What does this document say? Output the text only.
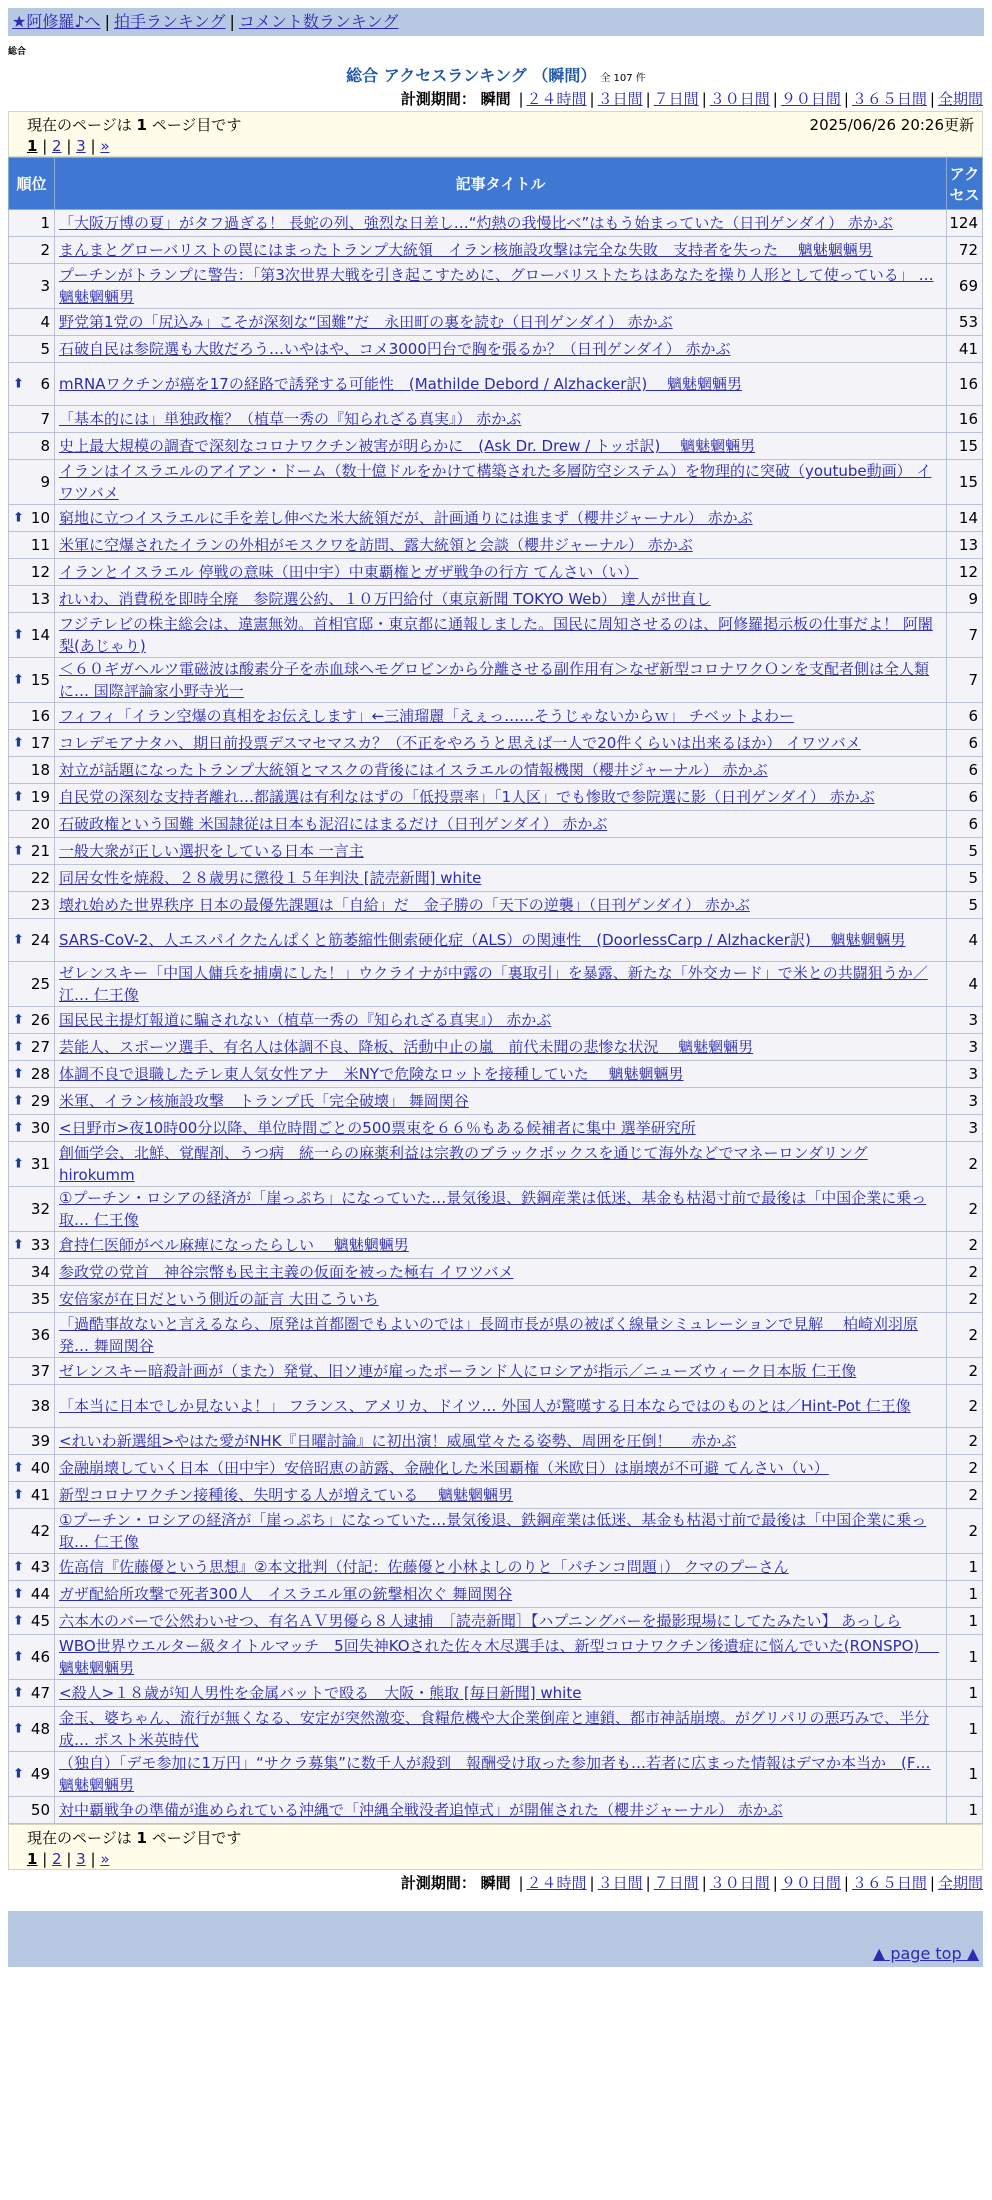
★阿修羅♪へ | 拍手ランキング | コメント数ランキング
総合
総合 アクセスランキング （瞬間） 全 107 件
計測期間： 瞬間 | ２４時間 | ３日間 | ７日間 | ３０日間 | ９０日間 | ３６５日間 | 全期間
現在のページは 1 ページ目です	2025/06/26 20:26更新
1 | 2 | 3 | »
順位	記事タイトル	アクセス
1	「大阪万博の夏」がタフ過ぎる！ 長蛇の列、強烈な日差し…“灼熱の我慢比べ”はもう始まっていた（日刊ゲンダイ） 赤かぶ	124
2	まんまとグローバリストの罠にはまったトランプ大統領　イラン核施設攻撃は完全な失敗　支持者を失った　 魑魅魍魎男	72
3	プーチンがトランプに警告：「第3次世界大戦を引き起こすために、グローバリストたちはあなたを操り人形として使っている」 … 魑魅魍魎男	69
4	野党第1党の「尻込み」こそが深刻な“国難”だ　永田町の裏を読む（日刊ゲンダイ） 赤かぶ	53
5	石破自民は参院選も大敗だろう…いやはや、コメ3000円台で胸を張るか？（日刊ゲンダイ） 赤かぶ	41

⬆ 6	mRNAワクチンが癌を17の経路で誘発する可能性　(Mathilde Debord / Alzhacker訳)　 魑魅魍魎男	16
7	「基本的には」単独政権？（植草一秀の『知られざる真実』） 赤かぶ	16
8	史上最大規模の調査で深刻なコロナワクチン被害が明らかに　(Ask Dr. Drew / トッポ訳)　 魑魅魍魎男	15
9	イランはイスラエルのアイアン・ドーム（数十億ドルをかけて構築された多層防空システム）を物理的に突破（youtube動画） イワツバメ	15

⬆ 10	窮地に立つイスラエルに手を差し伸べた米大統領だが、計画通りには進まず（櫻井ジャーナル） 赤かぶ	14
11	米軍に空爆されたイランの外相がモスクワを訪問、露大統領と会談（櫻井ジャーナル） 赤かぶ	13
12	イランとイスラエル 停戦の意味（田中宇）中東覇権とガザ戦争の行方 てんさい（い）	12
13	れいわ、消費税を即時全廃　参院選公約、１０万円給付（東京新聞 TOKYO Web） 達人が世直し	9

⬆ 14	フジテレビの株主総会は、違憲無効。首相官邸・東京都に通報しました。国民に周知させるのは、阿修羅掲示板の仕事だよ！ 阿闍梨(あじゃり)	7

⬆ 15	＜６０ギガヘルツ電磁波は酸素分子を赤血球ヘモグロビンから分離させる副作用有＞なぜ新型コロナワクＯンを支配者側は全人類に… 国際評論家小野寺光一	7
16	フィフィ「イラン空爆の真相をお伝えします」←三浦瑠麗「えぇっ……そうじゃないからｗ」 チベットよわー	6

⬆ 17	コレデモアナタハ、期日前投票デスマセマスカ？（不正をやろうと思えば一人で20件くらいは出来るほか） イワツバメ	6
18	対立が話題になったトランプ大統領とマスクの背後にはイスラエルの情報機関（櫻井ジャーナル） 赤かぶ	6

⬆ 19	自民党の深刻な支持者離れ…都議選は有利なはずの「低投票率」「1人区」でも惨敗で参院選に影（日刊ゲンダイ） 赤かぶ	6
20	石破政権という国難 米国隷従は日本も泥沼にはまるだけ（日刊ゲンダイ） 赤かぶ	6

⬆ 21	一般大衆が正しい選択をしている日本 一言主	5
22	同居女性を焼殺、２８歳男に懲役１５年判決 [読売新聞] white	5
23	壊れ始めた世界秩序 日本の最優先課題は「自給」だ　金子勝の「天下の逆襲」（日刊ゲンダイ） 赤かぶ	5

⬆ 24	SARS-CoV-2、人エスパイクたんぱくと筋萎縮性側索硬化症（ALS）の関連性　(DoorlessCarp / Alzhacker訳)　 魑魅魍魎男	4
25	ゼレンスキー「中国人傭兵を捕虜にした！」ウクライナが中露の「裏取引」を暴露、新たな「外交カード」で米との共闘狙うか／江… 仁王像	4

⬆ 26	国民民主提灯報道に騙されない（植草一秀の『知られざる真実』） 赤かぶ	3

⬆ 27	芸能人、スポーツ選手、有名人は体調不良、降板、活動中止の嵐　前代未聞の悲惨な状況　 魑魅魍魎男	3

⬆ 28	体調不良で退職したテレ東人気女性アナ　米NYで危険なロットを接種していた　 魑魅魍魎男	3

⬆ 29	米軍、イラン核施設攻撃　トランプ氏「完全破壊」 舞岡関谷	3

⬆ 30	<日野市>夜10時00分以降、単位時間ごとの500票束を６６％もある候補者に集中 選挙研究所	3

⬆ 31	創価学会、北鮮、覚醒剤、うつ病　統一らの麻薬利益は宗教のブラックボックスを通じて海外などでマネーロンダリング hirokumm	2
32	①プーチン・ロシアの経済が「崖っぷち」になっていた…景気後退、鉄鋼産業は低迷、基金も枯渇寸前で最後は「中国企業に乗っ取… 仁王像	2

⬆ 33	倉持仁医師がベル麻痺になったらしい　 魑魅魍魎男	2
34	参政党の党首　神谷宗幣も民主主義の仮面を被った極右 イワツバメ	2
35	安倍家が在日だという側近の証言 大田こういち	2
36	「過酷事故ないと言えるなら、原発は首都圏でもよいのでは」長岡市長が県の被ばく線量シミュレーションで見解　 柏崎刈羽原発… 舞岡関谷	2
37	ゼレンスキー暗殺計画が（また）発覚、旧ソ連が雇ったポーランド人にロシアが指示／ニューズウィーク日本版 仁王像	2
38	「本当に日本でしか見ないよ！」 フランス、アメリカ、ドイツ… 外国人が驚嘆する日本ならではのものとは／Hint-Pot 仁王像	2
39	<れいわ新選組>やはた愛がNHK『日曜討論』に初出演！威風堂々たる姿勢、周囲を圧倒！　 赤かぶ	2

⬆ 40	金融崩壊していく日本（田中宇）安倍昭恵の訪露、金融化した米国覇権（米欧日）は崩壊が不可避 てんさい（い）	2

⬆ 41	新型コロナワクチン接種後、失明する人が増えている　 魑魅魍魎男	2
42	①プーチン・ロシアの経済が「崖っぷち」になっていた…景気後退、鉄鋼産業は低迷、基金も枯渇寸前で最後は「中国企業に乗っ取… 仁王像	2

⬆ 43	佐高信『佐藤優という思想』②本文批判（付記：佐藤優と小林よしのりと「パチンコ問題」） クマのプーさん	1

⬆ 44	ガザ配給所攻撃で死者300人　イスラエル軍の銃撃相次ぐ 舞岡関谷	1

⬆ 45	六本木のバーで公然わいせつ、有名ＡＶ男優ら８人逮捕　［読売新聞］【ハプニングバーを撮影現場にしてたみたい】 あっしら	1

⬆ 46	WBO世界ウエルター級タイトルマッチ　5回失神KOされた佐々木尽選手は、新型コロナワクチン後遺症に悩んでいた(RONSPO)　 魑魅魍魎男	1

⬆ 47	<殺人>１８歳が知人男性を金属バットで殴る　大阪・熊取 [毎日新聞] white	1

⬆ 48	金玉、婆ちゃん、流行が無くなる、安定が突然激変、食糧危機や大企業倒産と連鎖、都市神話崩壊。がグリパリの悪巧みで、半分成… ポスト米英時代	1

⬆ 49	（独自）「デモ参加に1万円」“サクラ募集”に数千人が殺到　報酬受け取った参加者も…若者に広まった情報はデマか本当か　(F… 魑魅魍魎男	1
50	対中覇戦争の準備が進められている沖縄で「沖縄全戦没者追悼式」が開催された（櫻井ジャーナル） 赤かぶ	1
現在のページは 1 ページ目です
1 | 2 | 3 | »
計測期間： 瞬間 | ２４時間 | ３日間 | ７日間 | ３０日間 | ９０日間 | ３６５日間 | 全期間
▲ page top ▲
